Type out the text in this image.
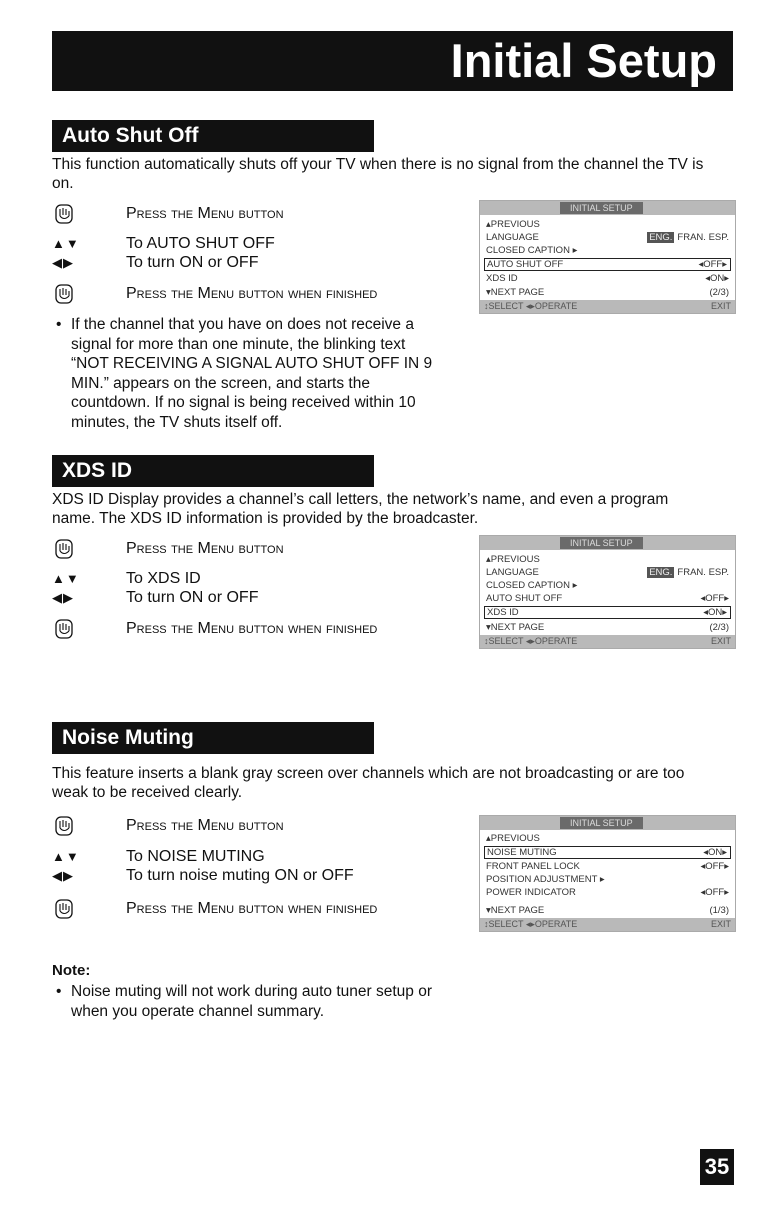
Initial Setup
Auto Shut Off
This function automatically shuts off your TV when there is no signal from the channel the TV is on.
Press the Menu button
▲▼	To AUTO SHUT OFF
◀▶	To turn ON or OFF
Press the Menu button when finished
• If the channel that you have on does not receive a signal for more than one minute, the blinking text “NOT RECEIVING A SIGNAL AUTO SHUT OFF IN 9 MIN.” appears on the screen, and starts the countdown. If no signal is being received within 10 minutes, the TV shuts itself off.
INITIAL SETUP
▴PREVIOUS
LANGUAGE	ENG. FRAN. ESP.
CLOSED CAPTION ▸
AUTO SHUT OFF	◂OFF▸
XDS ID	◂ON▸
▾NEXT PAGE	(2/3)
↕SELECT ◂▸OPERATE	EXIT
XDS ID
XDS ID Display provides a channel’s call letters, the network’s name, and even a program name. The XDS ID information is provided by the broadcaster.
Press the Menu button
▲▼	To XDS ID
◀▶	To turn ON or OFF
Press the Menu button when finished
INITIAL SETUP
▴PREVIOUS
LANGUAGE	ENG. FRAN. ESP.
CLOSED CAPTION ▸
AUTO SHUT OFF	◂OFF▸
XDS ID	◂ON▸
▾NEXT PAGE	(2/3)
↕SELECT ◂▸OPERATE	EXIT
Noise Muting
This feature inserts a blank gray screen over channels which are not broadcasting or are too weak to be received clearly.
Press the Menu button
▲▼	To NOISE MUTING
◀▶	To turn noise muting ON or OFF
Press the Menu button when finished
Note:
• Noise muting will not work during auto tuner setup or when you operate channel summary.
INITIAL SETUP
▴PREVIOUS
NOISE MUTING	◂ON▸
FRONT PANEL LOCK	◂OFF▸
POSITION ADJUSTMENT ▸
POWER INDICATOR	◂OFF▸
▾NEXT PAGE	(1/3)
↕SELECT ◂▸OPERATE	EXIT
35
